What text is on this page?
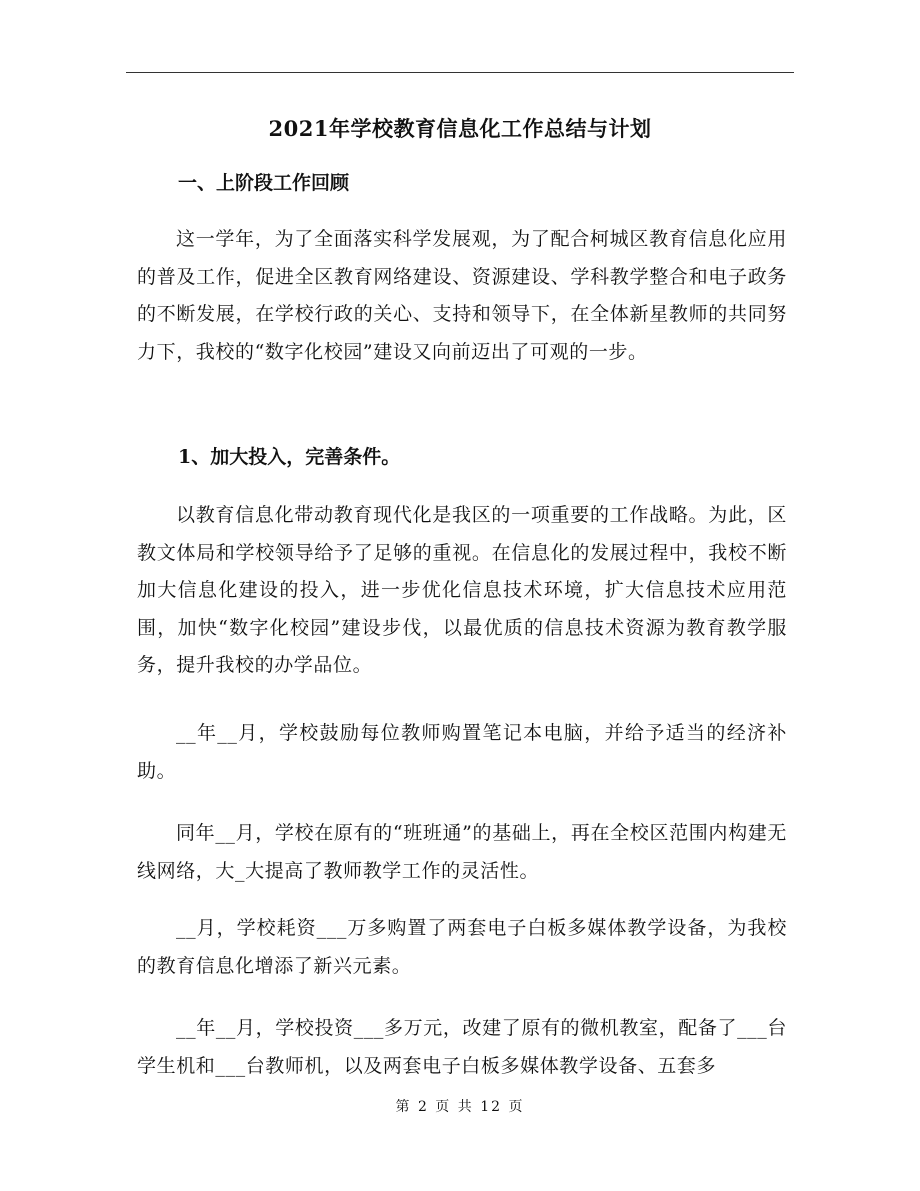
2021年学校教育信息化工作总结与计划
一、上阶段工作回顾

这一学年，为了全面落实科学发展观，为了配合柯城区教育信息化应用的普及工作，促进全区教育网络建设、资源建设、学科教学整合和电子政务的不断发展，在学校行政的关心、支持和领导下，在全体新星教师的共同努力下，我校的“数字化校园”建设又向前迈出了可观的一步。

1、加大投入，完善条件。

以教育信息化带动教育现代化是我区的一项重要的工作战略。为此，区教文体局和学校领导给予了足够的重视。在信息化的发展过程中，我校不断加大信息化建设的投入，进一步优化信息技术环境，扩大信息技术应用范围，加快“数字化校园”建设步伐，以最优质的信息技术资源为教育教学服务，提升我校的办学品位。

__年__月，学校鼓励每位教师购置笔记本电脑，并给予适当的经济补助。

同年__月，学校在原有的“班班通”的基础上，再在全校区范围内构建无线网络，大_大提高了教师教学工作的灵活性。

__月，学校耗资___万多购置了两套电子白板多媒体教学设备，为我校的教育信息化增添了新兴元素。

__年__月，学校投资___多万元，改建了原有的微机教室，配备了___台学生机和___台教师机，以及两套电子白板多媒体教学设备、五套多

第 2 页 共 12 页
